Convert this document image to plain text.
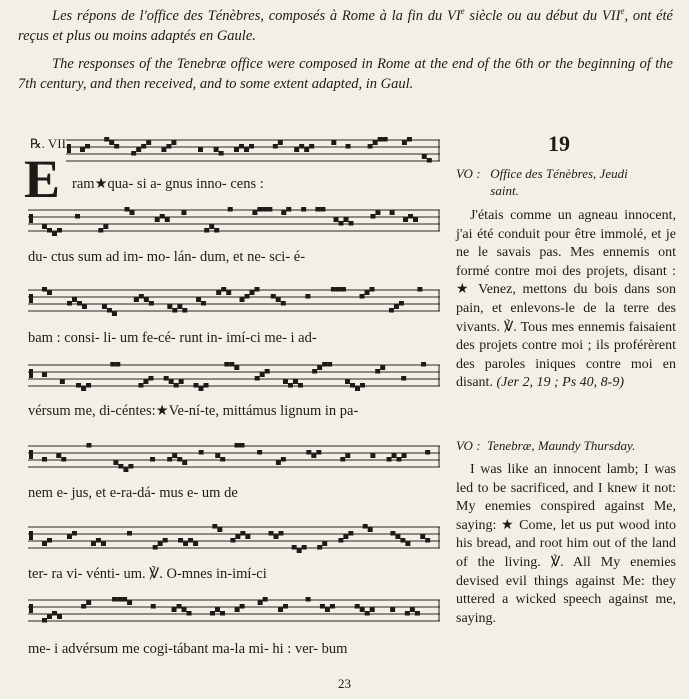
Les répons de l'office des Ténèbres, composés à Rome à la fin du VIe siècle ou au début du VIIe, ont été reçus et plus ou moins adaptés en Gaule.

The responses of the Tenebræ office were composed in Rome at the end of the 6th or the beginning of the 7th century, and then received, and to some extent adapted, in Gaul.

℞. VII
E ram★qua- si a- gnus inno- cens :
du- ctus sum ad im- mo- lán- dum, et ne- sci- é-
bam : consi- li- um fe-cé- runt in- imí-ci me- i ad-
vérsum me, di-céntes:★Ve-ní-te, mittámus lignum in pa-
nem e- jus, et e-ra-dá- mus e- um de
ter- ra vi- vénti- um. ℣. O-mnes in-imí-ci
me- i advérsum me cogi-tábant ma-la mi- hi : ver- bum
19
VO : Office des Ténèbres, Jeudi saint.

J'étais comme un agneau innocent, j'ai été conduit pour être immolé, et je ne le savais pas. Mes ennemis ont formé contre moi des projets, disant : ★ Venez, mettons du bois dans son pain, et enlevons-le de la terre des vivants. ℣. Tous mes ennemis faisaient des projets contre moi ; ils proférèrent des paroles iniques contre moi en disant. (Jer 2, 19 ; Ps 40, 8-9)

VO : Tenebræ, Maundy Thursday.

I was like an innocent lamb; I was led to be sacrificed, and I knew it not: My enemies conspired against Me, saying: ★ Come, let us put wood into his bread, and root him out of the land of the living. ℣. All My enemies devised evil things against Me: they uttered a wicked speech against me, saying.

23
